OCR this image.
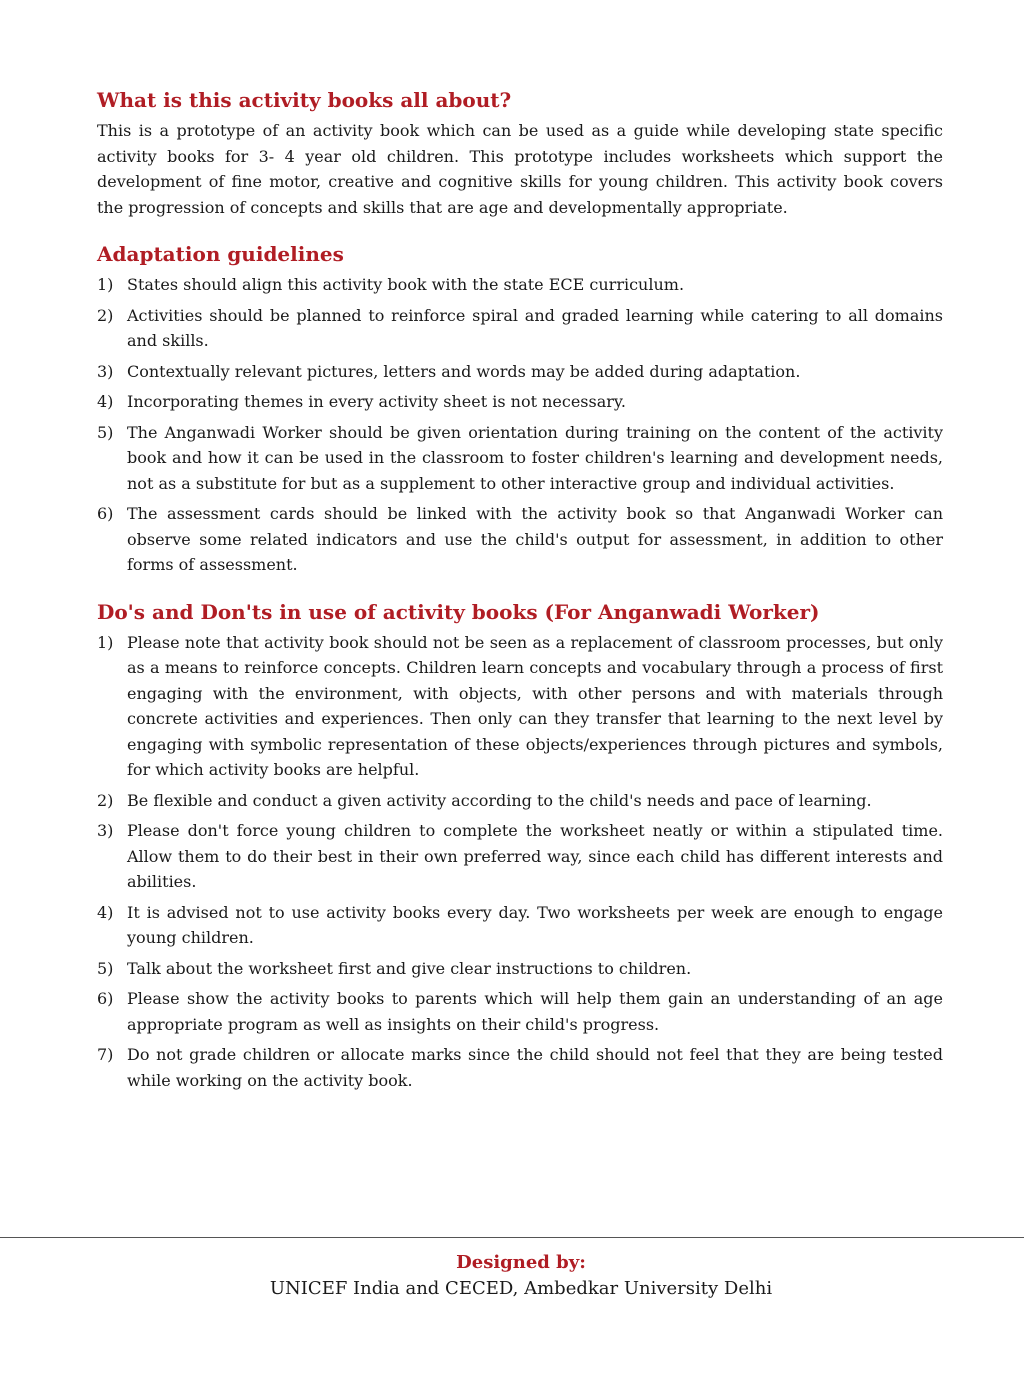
What is this activity books all about?

This is a prototype of an activity book which can be used as a guide while developing state specific activity books for 3- 4 year old children. This prototype includes worksheets which support the development of fine motor, creative and cognitive skills for young children. This activity book covers the progression of concepts and skills that are age and developmentally appropriate.

Adaptation guidelines
1) States should align this activity book with the state ECE curriculum.
2) Activities should be planned to reinforce spiral and graded learning while catering to all domains and skills.
3) Contextually relevant pictures, letters and words may be added during adaptation.
4) Incorporating themes in every activity sheet is not necessary.
5) The Anganwadi Worker should be given orientation during training on the content of the activity book and how it can be used in the classroom to foster children's learning and development needs, not as a substitute for but as a supplement to other interactive group and individual activities.
6) The assessment cards should be linked with the activity book so that Anganwadi Worker can observe some related indicators and use the child's output for assessment, in addition to other forms of assessment.
Do's and Don'ts in use of activity books (For Anganwadi Worker)
1) Please note that activity book should not be seen as a replacement of classroom processes, but only as a means to reinforce concepts. Children learn concepts and vocabulary through a process of first engaging with the environment, with objects, with other persons and with materials through concrete activities and experiences. Then only can they transfer that learning to the next level by engaging with symbolic representation of these objects/experiences through pictures and symbols, for which activity books are helpful.
2) Be flexible and conduct a given activity according to the child's needs and pace of learning.
3) Please don't force young children to complete the worksheet neatly or within a stipulated time. Allow them to do their best in their own preferred way, since each child has different interests and abilities.
4) It is advised not to use activity books every day. Two worksheets per week are enough to engage young children.
5) Talk about the worksheet first and give clear instructions to children.
6) Please show the activity books to parents which will help them gain an understanding of an age appropriate program as well as insights on their child's progress.
7) Do not grade children or allocate marks since the child should not feel that they are being tested while working on the activity book.
Designed by:
UNICEF India and CECED, Ambedkar University Delhi
